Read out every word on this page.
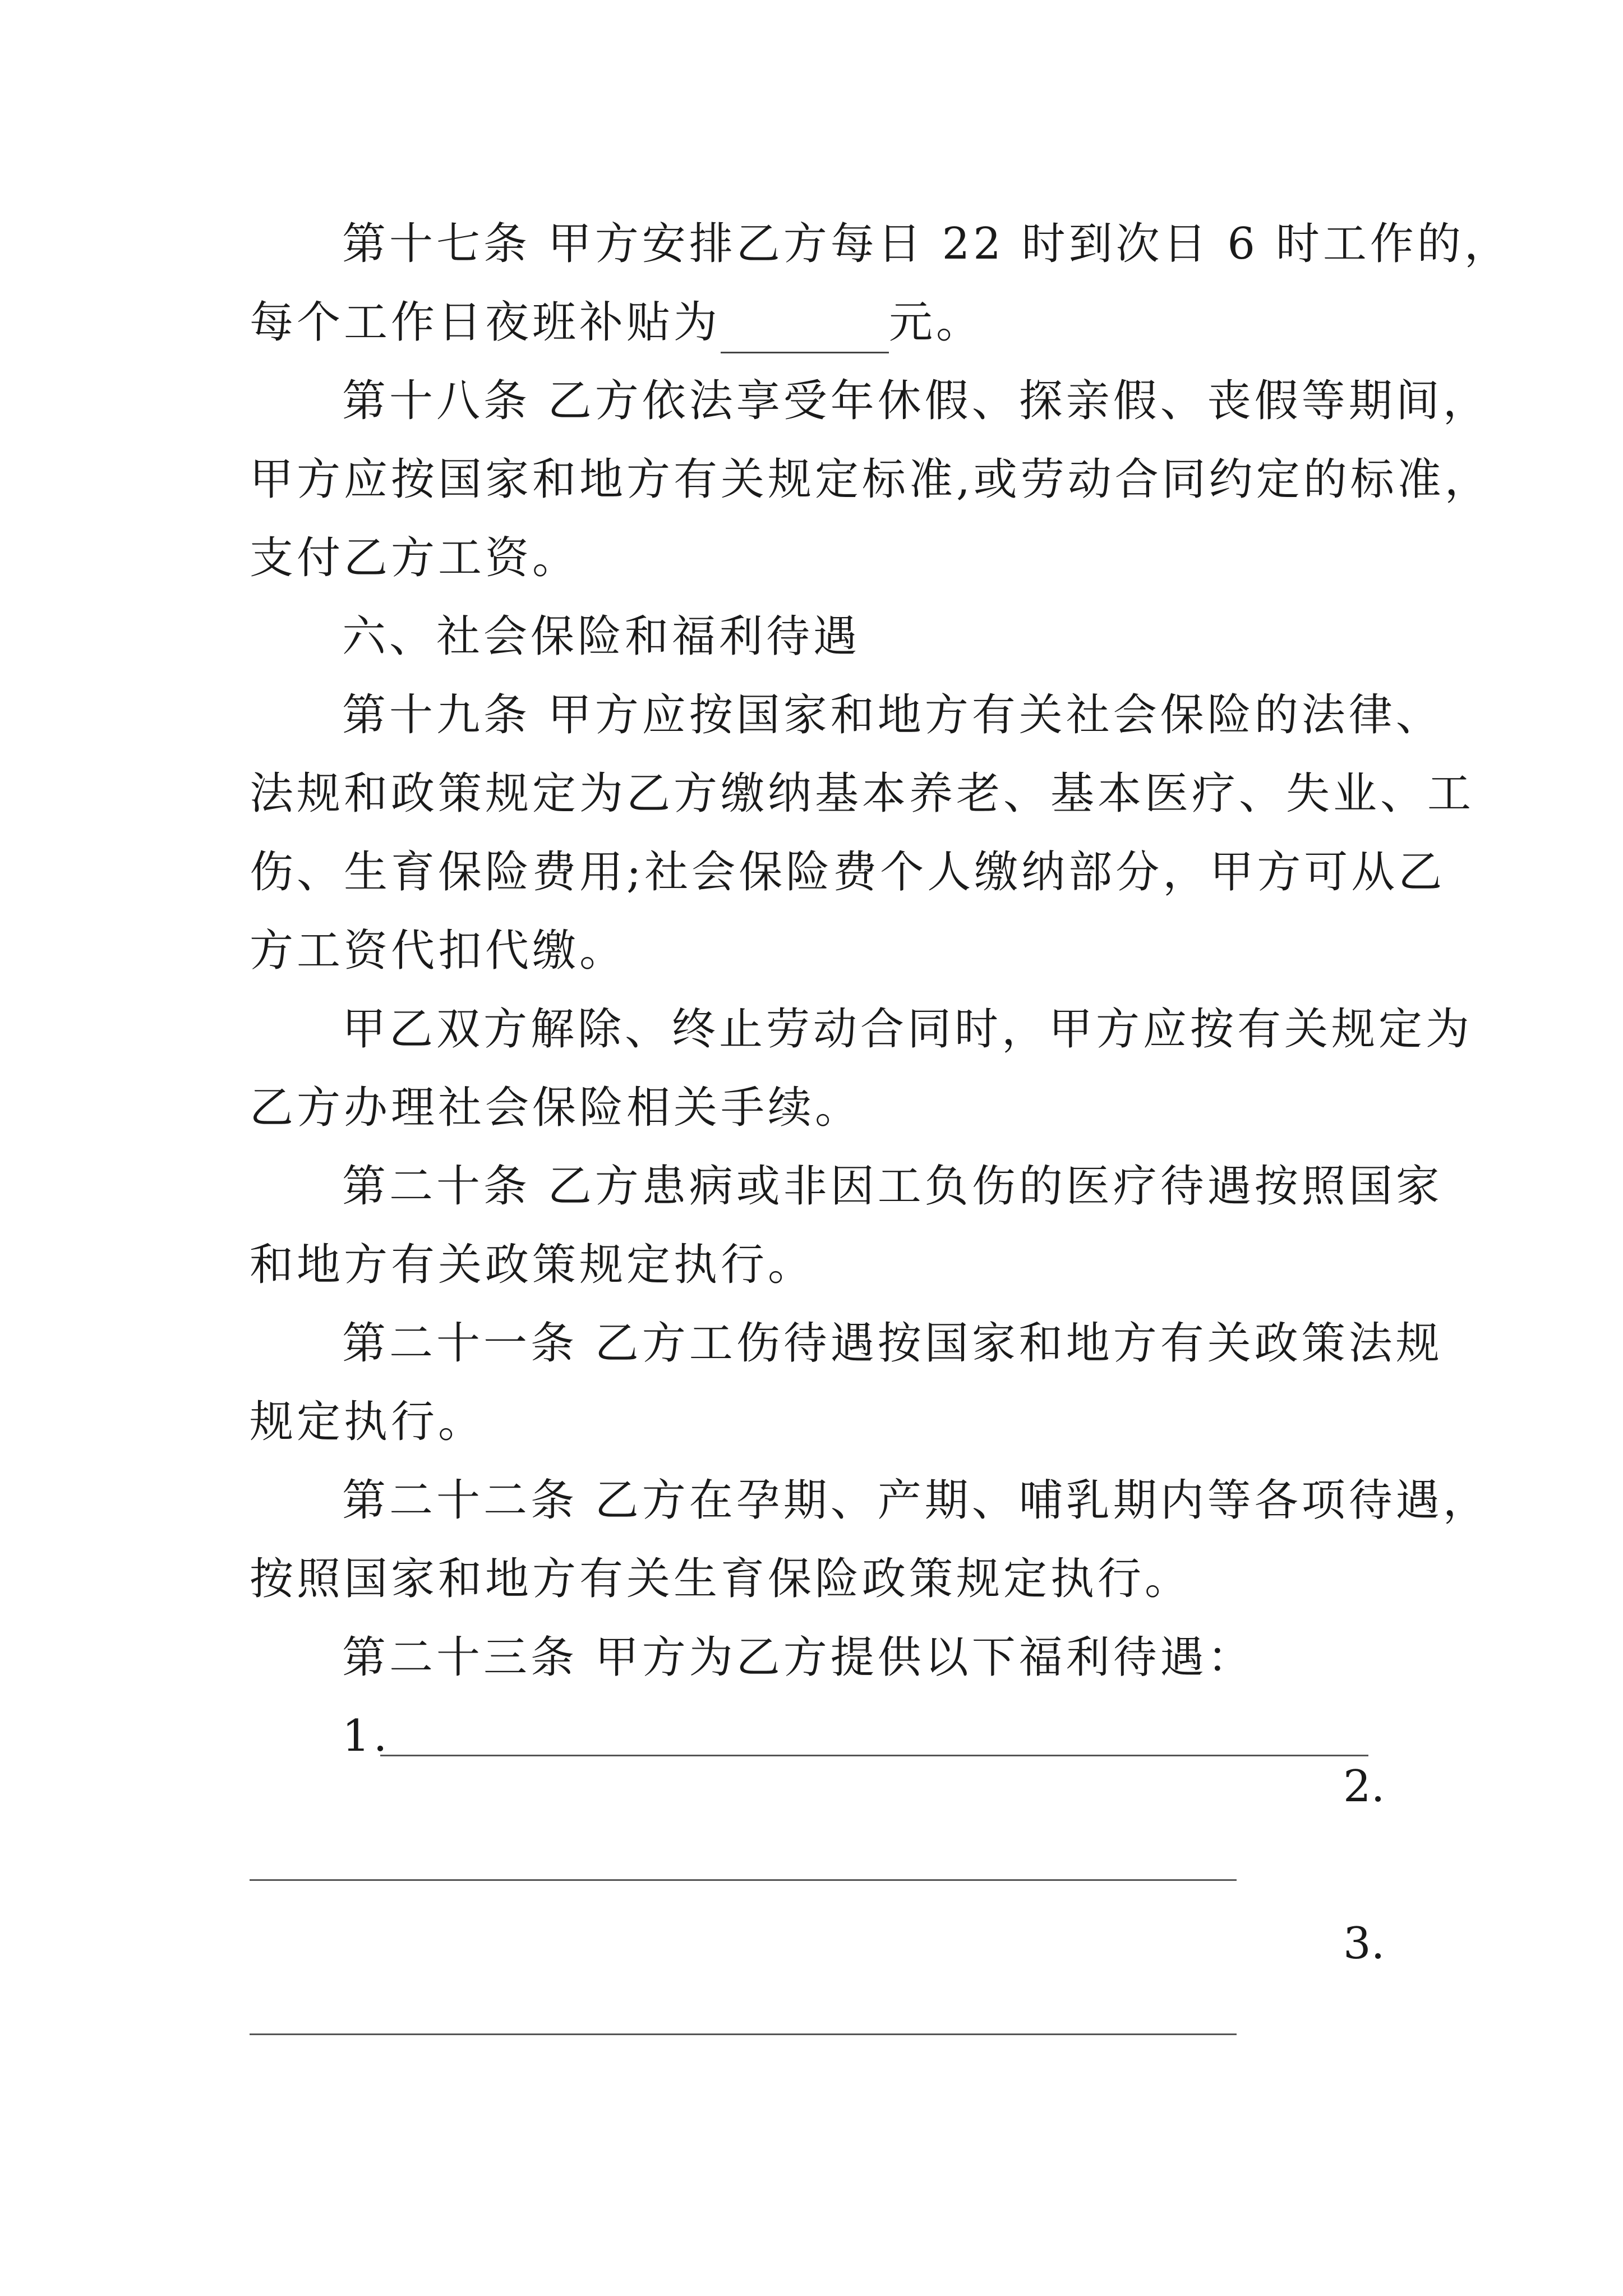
第十七条 甲方安排乙方每日 22 时到次日 6 时工作的，
每个工作日夜班补贴为	元。
第十八条 乙方依法享受年休假、探亲假、丧假等期间，
甲方应按国家和地方有关规定标准,或劳动合同约定的标准，
支付乙方工资。
六、社会保险和福利待遇
第十九条 甲方应按国家和地方有关社会保险的法律、
法规和政策规定为乙方缴纳基本养老、基本医疗、失业、工
伤、生育保险费用;社会保险费个人缴纳部分，甲方可从乙
方工资代扣代缴。
甲乙双方解除、终止劳动合同时，甲方应按有关规定为
乙方办理社会保险相关手续。
第二十条 乙方患病或非因工负伤的医疗待遇按照国家
和地方有关政策规定执行。
第二十一条 乙方工伤待遇按国家和地方有关政策法规
规定执行。
第二十二条 乙方在孕期、产期、哺乳期内等各项待遇，
按照国家和地方有关生育保险政策规定执行。
第二十三条 甲方为乙方提供以下福利待遇：
1.
2.
3.
